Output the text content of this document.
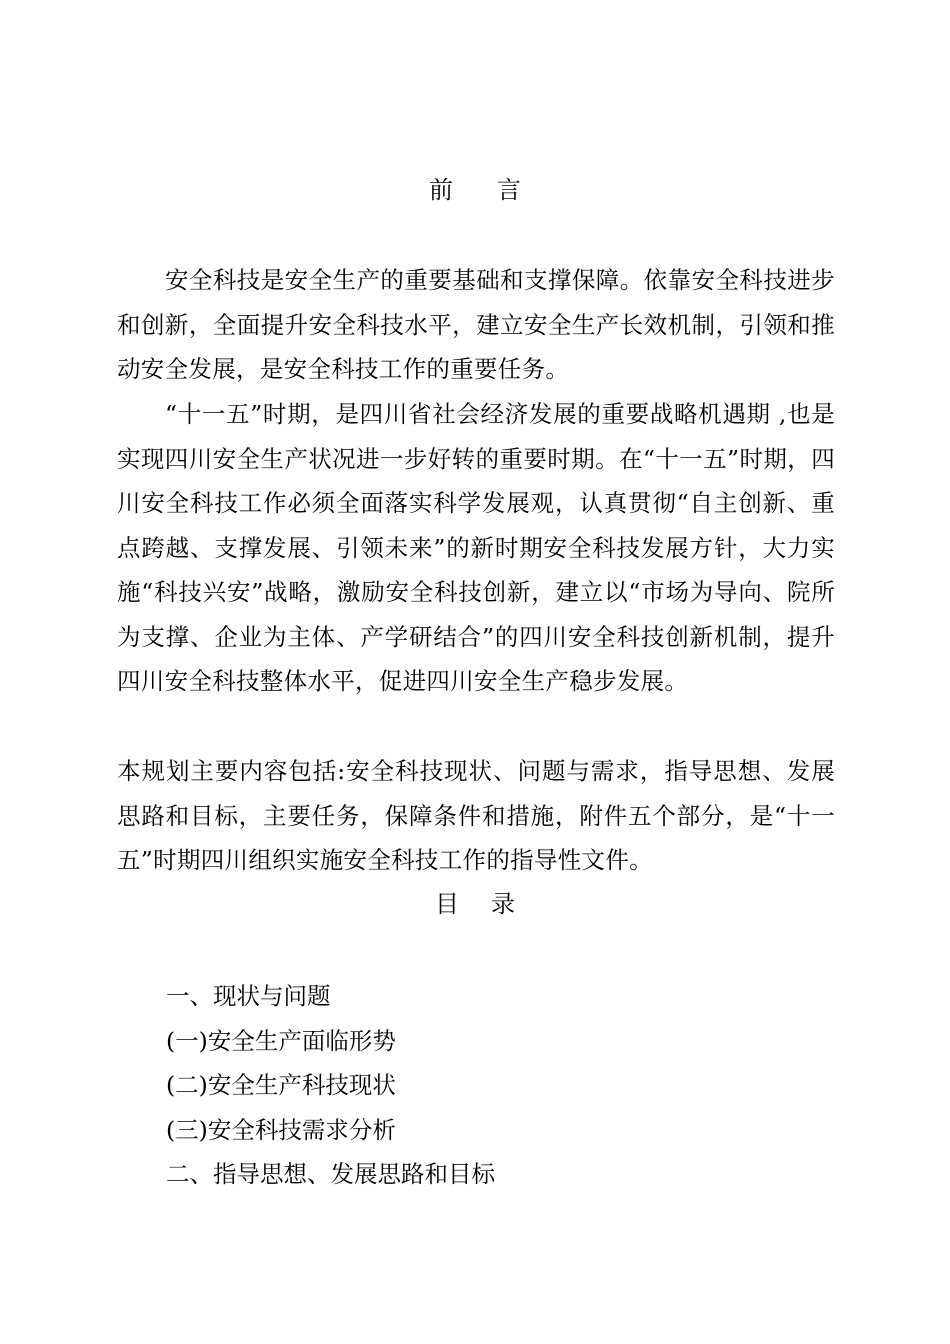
前 言
安全科技是安全生产的重要基础和支撑保障。依靠安全科技进步和创新，全面提升安全科技水平，建立安全生产长效机制，引领和推动安全发展，是安全科技工作的重要任务。
“十一五”时期，是四川省社会经济发展的重要战略机遇期 ,也是实现四川安全生产状况进一步好转的重要时期。在“十一五”时期，四川安全科技工作必须全面落实科学发展观，认真贯彻“自主创新、重点跨越、支撑发展、引领未来”的新时期安全科技发展方针，大力实施“科技兴安”战略，激励安全科技创新，建立以“市场为导向、院所为支撑、企业为主体、产学研结合”的四川安全科技创新机制，提升四川安全科技整体水平，促进四川安全生产稳步发展。
本规划主要内容包括:安全科技现状、问题与需求，指导思想、发展思路和目标，主要任务，保障条件和措施，附件五个部分，是“十一五”时期四川组织实施安全科技工作的指导性文件。
目 录
一、现状与问题
(一)安全生产面临形势
(二)安全生产科技现状
(三)安全科技需求分析
二、指导思想、发展思路和目标
